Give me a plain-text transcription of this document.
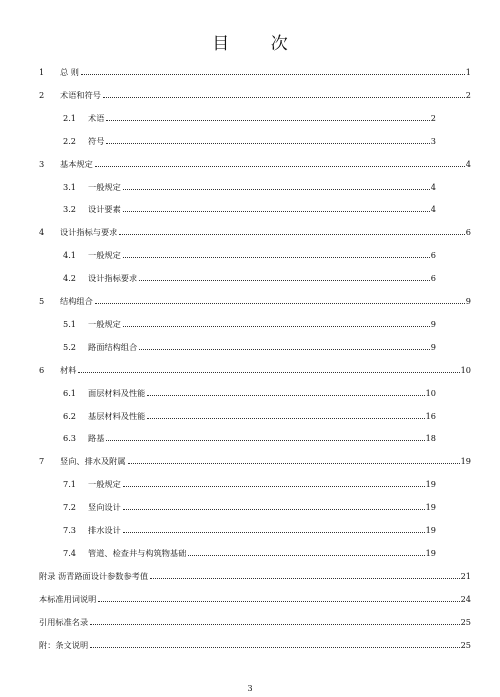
目 次
1	总 则	1
2	术语和符号	2
2.1	术语	2
2.2	符号	3
3	基本规定	4
3.1	一般规定	4
3.2	设计要素	4
4	设计指标与要求	6
4.1	一般规定	6
4.2	设计指标要求	6
5	结构组合	9
5.1	一般规定	9
5.2	路面结构组合	9
6	材料	10
6.1	面层材料及性能	10
6.2	基层材料及性能	16
6.3	路基	18
7	竖向、排水及附属	19
7.1	一般规定	19
7.2	竖向设计	19
7.3	排水设计	19
7.4	管道、检查井与构筑物基础	19
附录 沥青路面设计参数参考值	21
本标准用词说明	24
引用标准名录	25
附：条文说明	25
3
